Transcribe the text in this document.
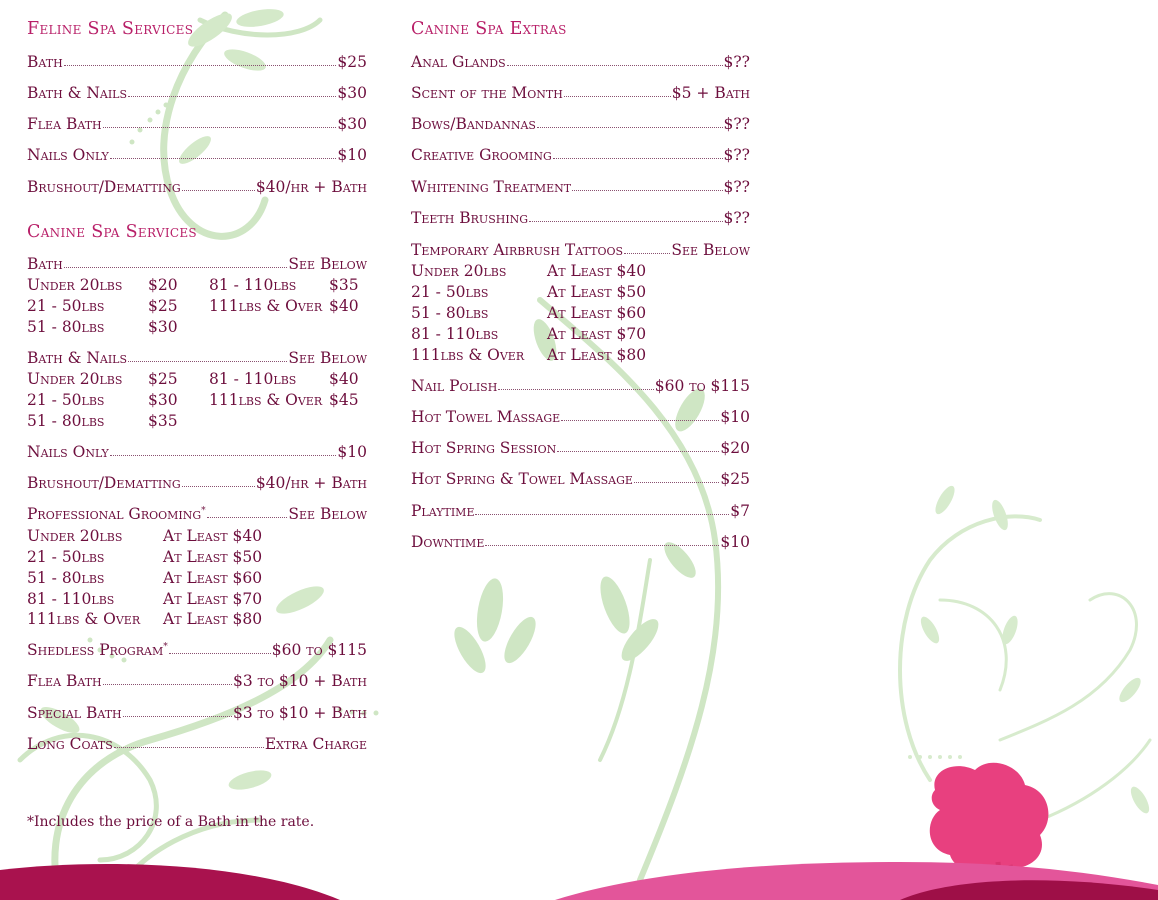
Feline Spa Services
Bath	$25
Bath & Nails	$30
Flea Bath	$30
Nails Only	$10
Brushout/Dematting	$40/hr + Bath
Canine Spa Services
Bath	See Below
Under 20lbs $20 81 - 110lbs $35
21 - 50lbs	$25 111lbs & Over $40
51 - 80lbs	$30
Bath & Nails	See Below
Under 20lbs $25 81 - 110lbs $40
21 - 50lbs	$30 111lbs & Over $45
51 - 80lbs	$35
Nails Only	$10
Brushout/Dematting	$40/hr + Bath
Professional Grooming*	See Below
Under 20lbs	At Least $40
21 - 50lbs	At Least $50
51 - 80lbs	At Least $60
81 - 110lbs	At Least $70
111lbs & Over At Least $80
Shedless Program*	$60 to $115
Flea Bath	$3 to $10 + Bath
Special Bath	$3 to $10 + Bath
Long Coats	Extra Charge
*Includes the price of a Bath in the rate.
Canine Spa Extras
Anal Glands	$??
Scent of the Month	$5 + Bath
Bows/Bandannas	$??
Creative Grooming	$??
Whitening Treatment	$??
Teeth Brushing	$??
Temporary Airbrush Tattoos	See Below
Under 20lbs	At Least $40
21 - 50lbs	At Least $50
51 - 80lbs	At Least $60
81 - 110lbs	At Least $70
111lbs & Over At Least $80
Nail Polish	$60 to $115
Hot Towel Massage	$10
Hot Spring Session	$20
Hot Spring & Towel Massage	$25
Playtime	$7
Downtime	$10
